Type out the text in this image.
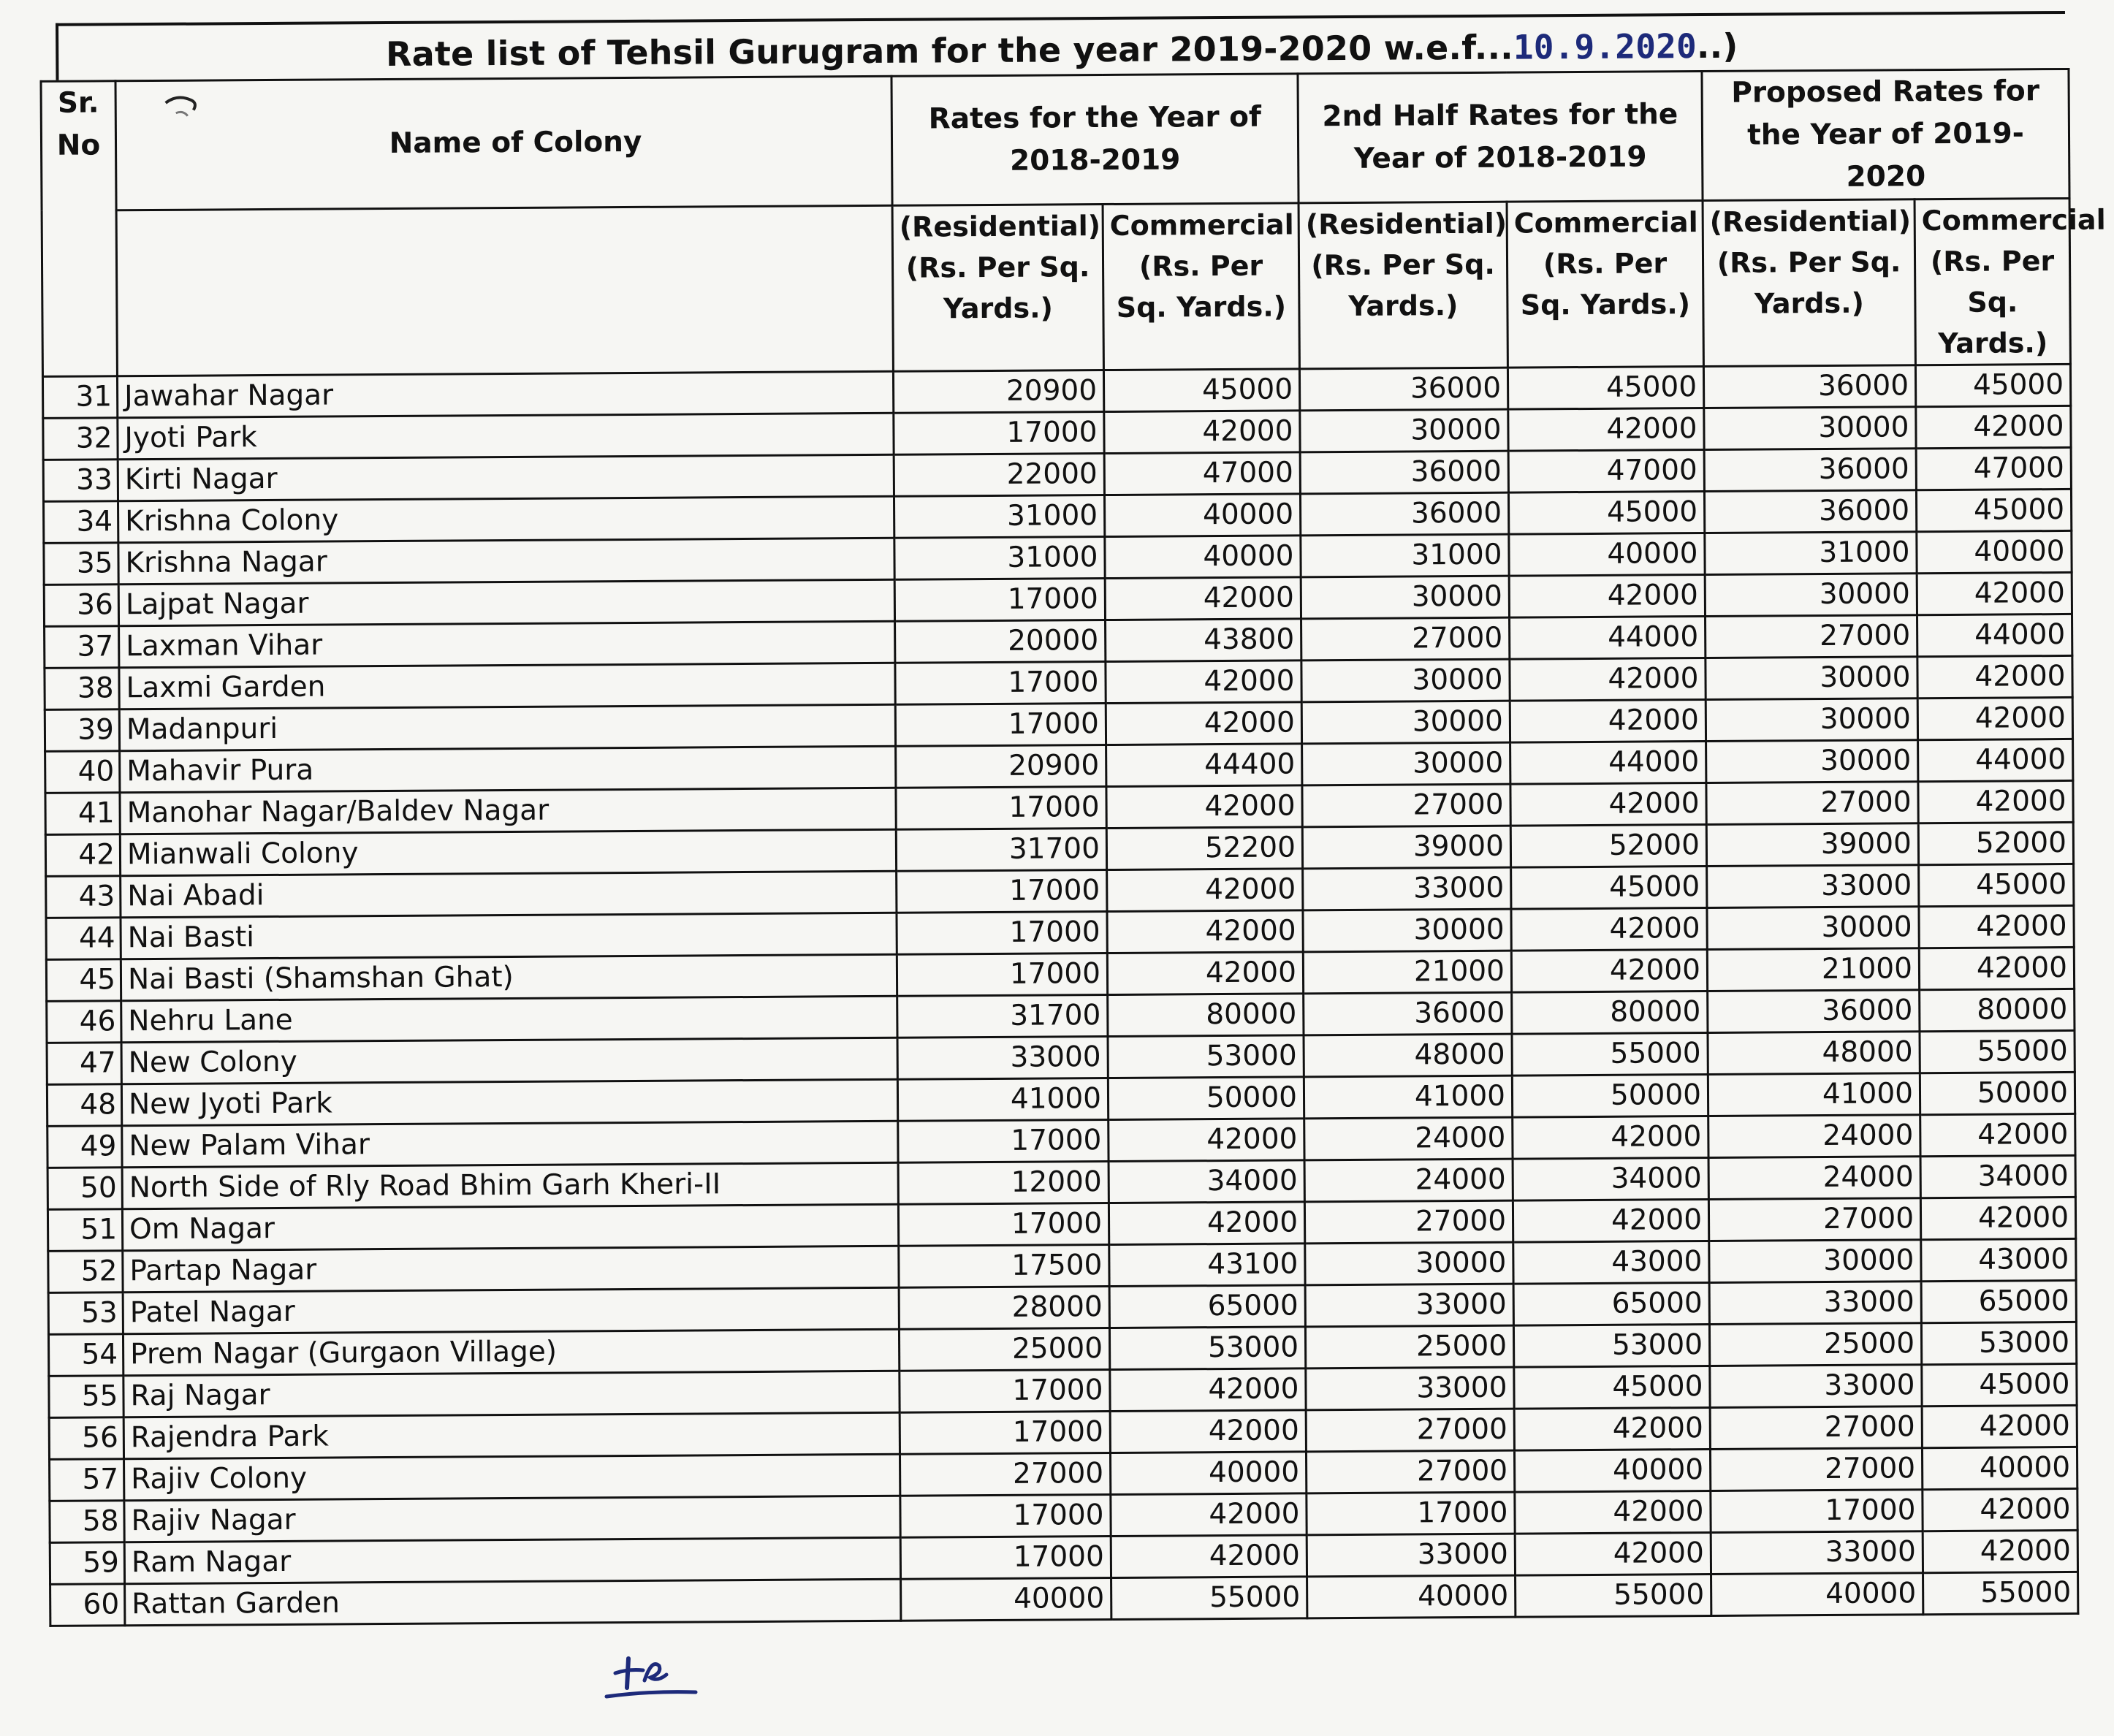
Rate list of Tehsil Gurugram for the year 2019-2020 w.e.f...10.9.2020..)
Sr. No	Name of Colony	Rates for the Year of 2018-2019		2nd Half Rates for the Year of 2018-2019		Proposed Rates for the Year of 2019-2020	
		(Residential) (Rs. Per Sq. Yards.)	Commercial (Rs. Per Sq. Yards.)	(Residential) (Rs. Per Sq. Yards.)	Commercial (Rs. Per Sq. Yards.)	(Residential) (Rs. Per Sq. Yards.)	Commercial (Rs. Per Sq. Yards.)
31	Jawahar Nagar	20900	45000	36000	45000	36000	45000
32	Jyoti Park	17000	42000	30000	42000	30000	42000
33	Kirti Nagar	22000	47000	36000	47000	36000	47000
34	Krishna Colony	31000	40000	36000	45000	36000	45000
35	Krishna Nagar	31000	40000	31000	40000	31000	40000
36	Lajpat Nagar	17000	42000	30000	42000	30000	42000
37	Laxman Vihar	20000	43800	27000	44000	27000	44000
38	Laxmi Garden	17000	42000	30000	42000	30000	42000
39	Madanpuri	17000	42000	30000	42000	30000	42000
40	Mahavir Pura	20900	44400	30000	44000	30000	44000
41	Manohar Nagar/Baldev Nagar	17000	42000	27000	42000	27000	42000
42	Mianwali Colony	31700	52200	39000	52000	39000	52000
43	Nai Abadi	17000	42000	33000	45000	33000	45000
44	Nai Basti	17000	42000	30000	42000	30000	42000
45	Nai Basti (Shamshan Ghat)	17000	42000	21000	42000	21000	42000
46	Nehru Lane	31700	80000	36000	80000	36000	80000
47	New Colony	33000	53000	48000	55000	48000	55000
48	New Jyoti Park	41000	50000	41000	50000	41000	50000
49	New Palam Vihar	17000	42000	24000	42000	24000	42000
50	North Side of Rly Road Bhim Garh Kheri-II	12000	34000	24000	34000	24000	34000
51	Om Nagar	17000	42000	27000	42000	27000	42000
52	Partap Nagar	17500	43100	30000	43000	30000	43000
53	Patel Nagar	28000	65000	33000	65000	33000	65000
54	Prem Nagar (Gurgaon Village)	25000	53000	25000	53000	25000	53000
55	Raj Nagar	17000	42000	33000	45000	33000	45000
56	Rajendra Park	17000	42000	27000	42000	27000	42000
57	Rajiv Colony	27000	40000	27000	40000	27000	40000
58	Rajiv Nagar	17000	42000	17000	42000	17000	42000
59	Ram Nagar	17000	42000	33000	42000	33000	42000
60	Rattan Garden	40000	55000	40000	55000	40000	55000
